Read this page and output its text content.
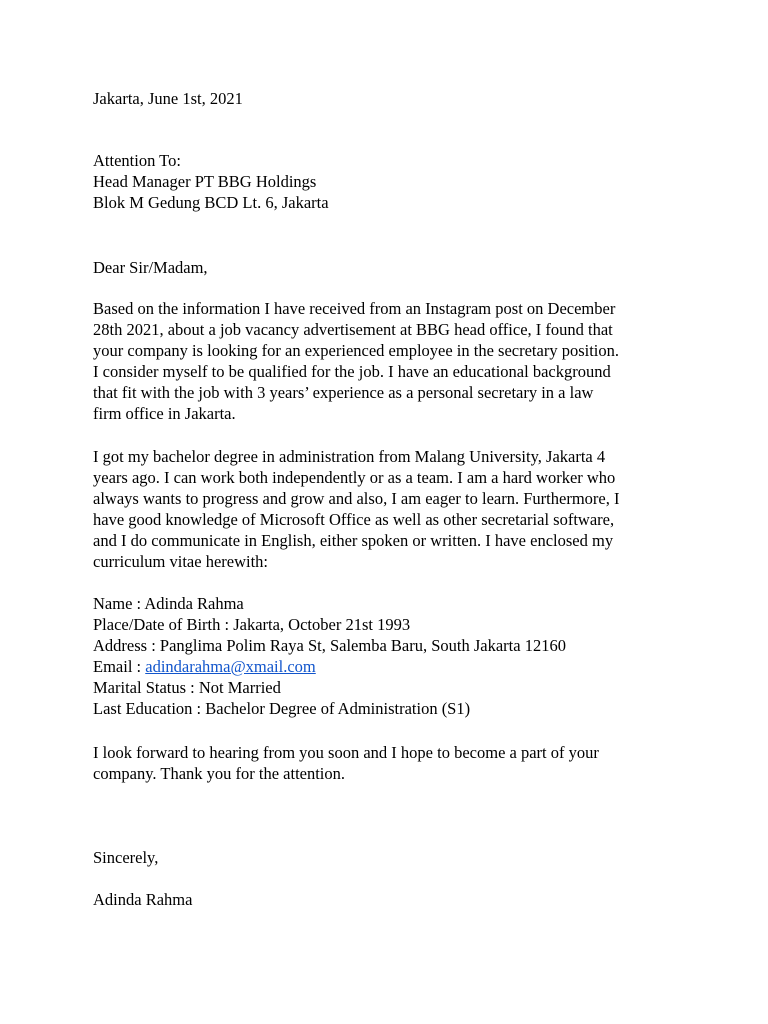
Jakarta, June 1st, 2021
Attention To:
Head Manager PT BBG Holdings
Blok M Gedung BCD Lt. 6, Jakarta
Dear Sir/Madam,
Based on the information I have received from an Instagram post on December
28th 2021, about a job vacancy advertisement at BBG head office, I found that
your company is looking for an experienced employee in the secretary position.
I consider myself to be qualified for the job. I have an educational background
that fit with the job with 3 years’ experience as a personal secretary in a law
firm office in Jakarta.
I got my bachelor degree in administration from Malang University, Jakarta 4
years ago. I can work both independently or as a team. I am a hard worker who
always wants to progress and grow and also, I am eager to learn. Furthermore, I
have good knowledge of Microsoft Office as well as other secretarial software,
and I do communicate in English, either spoken or written. I have enclosed my
curriculum vitae herewith:
Name : Adinda Rahma
Place/Date of Birth : Jakarta, October 21st 1993
Address : Panglima Polim Raya St, Salemba Baru, South Jakarta 12160
Email : adindarahma@xmail.com
Marital Status : Not Married
Last Education : Bachelor Degree of Administration (S1)
I look forward to hearing from you soon and I hope to become a part of your
company. Thank you for the attention.
Sincerely,
Adinda Rahma
